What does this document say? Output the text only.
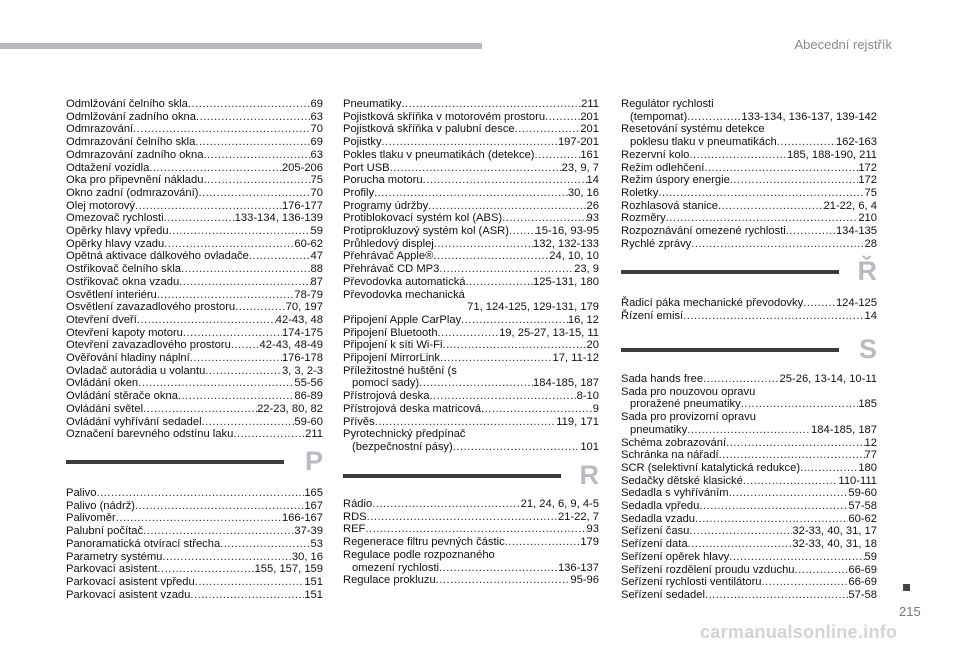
Abecední rejstřík
Odmlžování čelního skla .....	69
Odmlžování zadního okna .....	63
Odmrazování .....	70
Odmrazování čelního skla .....	69
Odmrazování zadního okna .....	63
Odtažení vozidla .....	205-206
Oka pro připevnění nákladu .....	75
Okno zadní (odmrazování) .....	70
Olej motorový .....	176-177
Omezovač rychlosti .....	133-134, 136-139
Opěrky hlavy vpředu .....	59
Opěrky hlavy vzadu .....	60-62
Opětná aktivace dálkového ovladače .....	47
Ostřikovač čelního skla .....	88
Ostřikovač okna vzadu .....	87
Osvětlení interiéru .....	78-79
Osvětlení zavazadlového prostoru .....	70, 197
Otevření dveří .....	42-43, 48
Otevření kapoty motoru .....	174-175
Otevření zavazadlového prostoru .....	42-43, 48-49
Ověřování hladiny náplní .....	176-178
Ovladač autorádia u volantu .....	3, 3, 2-3
Ovládání oken .....	55-56
Ovládání stěrače okna .....	86-89
Ovládání světel .....	22-23, 80, 82
Ovládání vyhřívání sedadel .....	59-60
Označení barevného odstínu laku .....	211
P
Palivo .....	165
Palivo (nádrž) .....	167
Palivoměr .....	166-167
Palubní počítač .....	37-39
Panoramatická otvírací střecha .....	53
Parametry systému .....	30, 16
Parkovací asistent .....	155, 157, 159
Parkovací asistent vpředu .....	151
Parkovací asistent vzadu .....	151
Pneumatiky .....	211
Pojistková skříňka v motorovém prostoru .....	201
Pojistková skříňka v palubní desce .....	201
Pojistky .....	197-201
Pokles tlaku v pneumatikách (detekce) .....	161
Port USB .....	23, 9, 7
Porucha motoru .....	14
Profily .....	30, 16
Programy údržby .....	26
Protiblokovací systém kol (ABS) .....	93
Protiprokluzový systém kol (ASR) ..... 15-16, 93-95
Průhledový displej .....	132, 132-133
Přehrávač Apple® .....	24, 10, 10
Přehrávač CD MP3 .....	23, 9
Převodovka automatická .....	125-131, 180
Převodovka mechanická
71, 124-125, 129-131, 179
Připojení Apple CarPlay .....	16, 12
Připojení Bluetooth .....	19, 25-27, 13-15, 11
Připojení k síti Wi-Fi .....	20
Připojení MirrorLink .....	17, 11-12
Příležitostné huštění (s
pomocí sady) .....	184-185, 187
Přístrojová deska .....	8-10
Přístrojová deska matricová .....	9
Přívěs .....	119, 171
Pyrotechnický předpínač
(bezpečnostní pásy) .....	101
R
Rádio .....	21, 24, 6, 9, 4-5
RDS .....	21-22, 7
REF .....	93
Regenerace filtru pevných částic .....	179
Regulace podle rozpoznaného
omezení rychlosti .....	136-137
Regulace prokluzu .....	95-96
Regulátor rychlosti
(tempomat) .....	133-134, 136-137, 139-142
Resetování systému detekce
poklesu tlaku v pneumatikách .....	162-163
Rezervní kolo .....	185, 188-190, 211
Režim odlehčení .....	172
Režim úspory energie .....	172
Roletky .....	75
Rozhlasová stanice .....	21-22, 6, 4
Rozměry .....	210
Rozpoznávání omezené rychlosti .....	134-135
Rychlé zprávy .....	28
Ř
Řadicí páka mechanické převodovky .....	124-125
Řízení emisí .....	14
S
Sada hands free .....	25-26, 13-14, 10-11
Sada pro nouzovou opravu
proražené pneumatiky .....	185
Sada pro provizorní opravu
pneumatiky .....	184-185, 187
Schéma zobrazování .....	12
Schránka na nářadí .....	77
SCR (selektivní katalytická redukce) .....	180
Sedačky dětské klasické .....	110-111
Sedadla s vyhříváním .....	59-60
Sedadla vpředu .....	57-58
Sedadla vzadu .....	60-62
Seřízení času .....	32-33, 40, 31, 17
Seřízení data .....	32-33, 40, 31, 18
Seřízení opěrek hlavy .....	59
Seřízení rozdělení proudu vzduchu .....	66-69
Seřízení rychlosti ventilátoru .....	66-69
Seřízení sedadel .....	57-58
215
carmanualsonline.info
